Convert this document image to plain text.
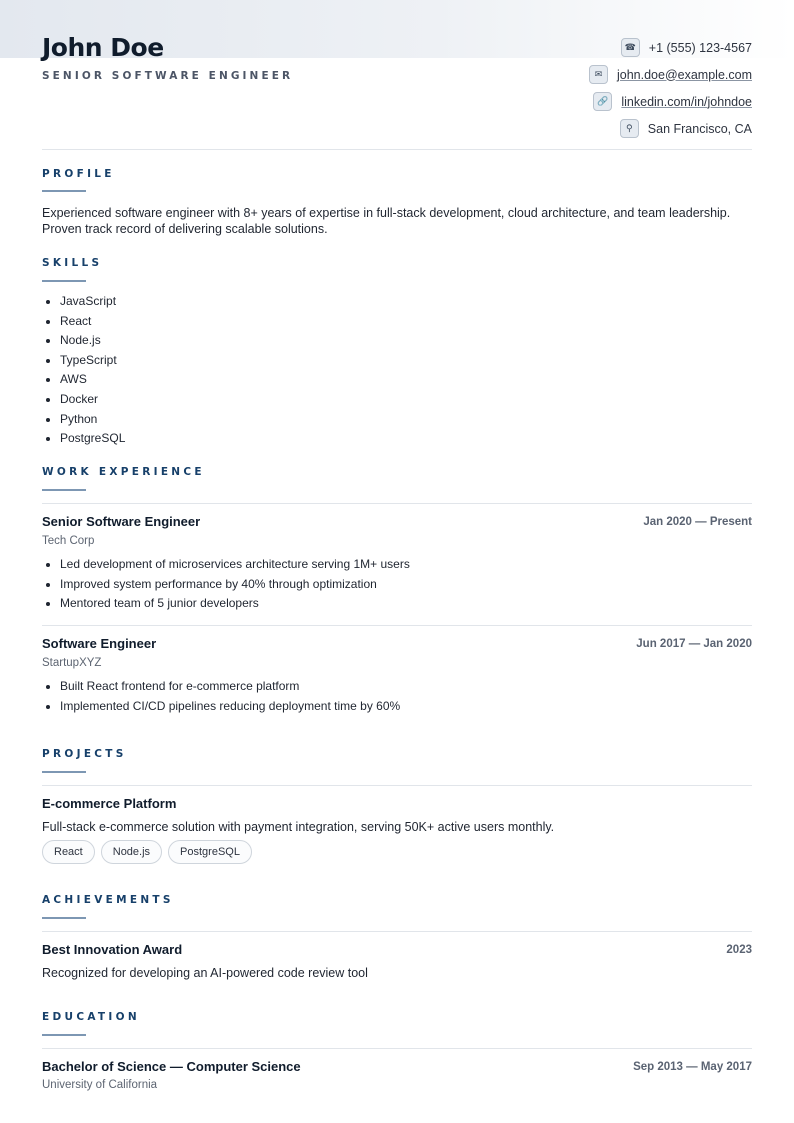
John Doe
SENIOR SOFTWARE ENGINEER
☎	+1 (555) 123-4567
✉	john.doe@example.com
🔗	linkedin.com/in/johndoe
⚲	San Francisco, CA
PROFILE
Experienced software engineer with 8+ years of expertise in full-stack development, cloud architecture, and team leadership. Proven track record of delivering scalable solutions.
SKILLS
JavaScript
React
Node.js
TypeScript
AWS
Docker
Python
PostgreSQL
WORK EXPERIENCE
Senior Software Engineer	Jan 2020 — Present
Tech Corp
Led development of microservices architecture serving 1M+ users
Improved system performance by 40% through optimization
Mentored team of 5 junior developers
Software Engineer	Jun 2017 — Jan 2020
StartupXYZ
Built React frontend for e-commerce platform
Implemented CI/CD pipelines reducing deployment time by 60%
PROJECTS
E-commerce Platform
Full-stack e-commerce solution with payment integration, serving 50K+ active users monthly.
React	Node.js	PostgreSQL
ACHIEVEMENTS
Best Innovation Award	2023
Recognized for developing an AI-powered code review tool
EDUCATION
Bachelor of Science — Computer Science	Sep 2013 — May 2017
University of California
